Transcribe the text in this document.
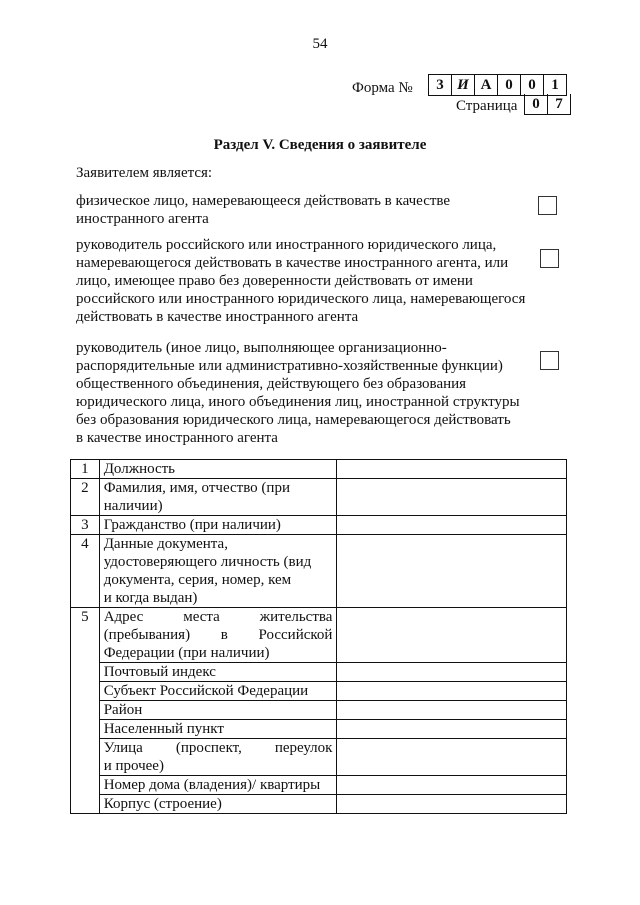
54
Форма №	3 И А 0	0	1
Страница 0	7
Раздел V. Сведения о заявителе
Заявителем является:
физическое лицо, намеревающееся действовать в качестве
иностранного агента
руководитель российского или иностранного юридического лица,
намеревающегося действовать в качестве иностранного агента, или
лицо, имеющее право без доверенности действовать от имени
российского или иностранного юридического лица, намеревающегося
действовать в качестве иностранного агента
руководитель (иное лицо, выполняющее организационно-
распорядительные или административно-хозяйственные функции)
общественного объединения, действующего без образования
юридического лица, иного объединения лиц, иностранной структуры
без образования юридического лица, намеревающегося действовать
в качестве иностранного агента
1	Должность	
2	Фамилия, имя, отчество (при
наличии)	

3	Гражданство (при наличии)	
4	Данные документа,
удостоверяющего личность (вид
документа, серия, номер, кем
и когда выдан)	

5	Адрес места жительства
(пребывания) в Российской
Федерации (при наличии)	

	Почтовый индекс	
	Субъект Российской Федерации	
	Район	
	Населенный пункт	

	Улица (проспект, переулок
и прочее)	

	Номер дома (владения)/ квартиры	
	Корпус (строение)	
